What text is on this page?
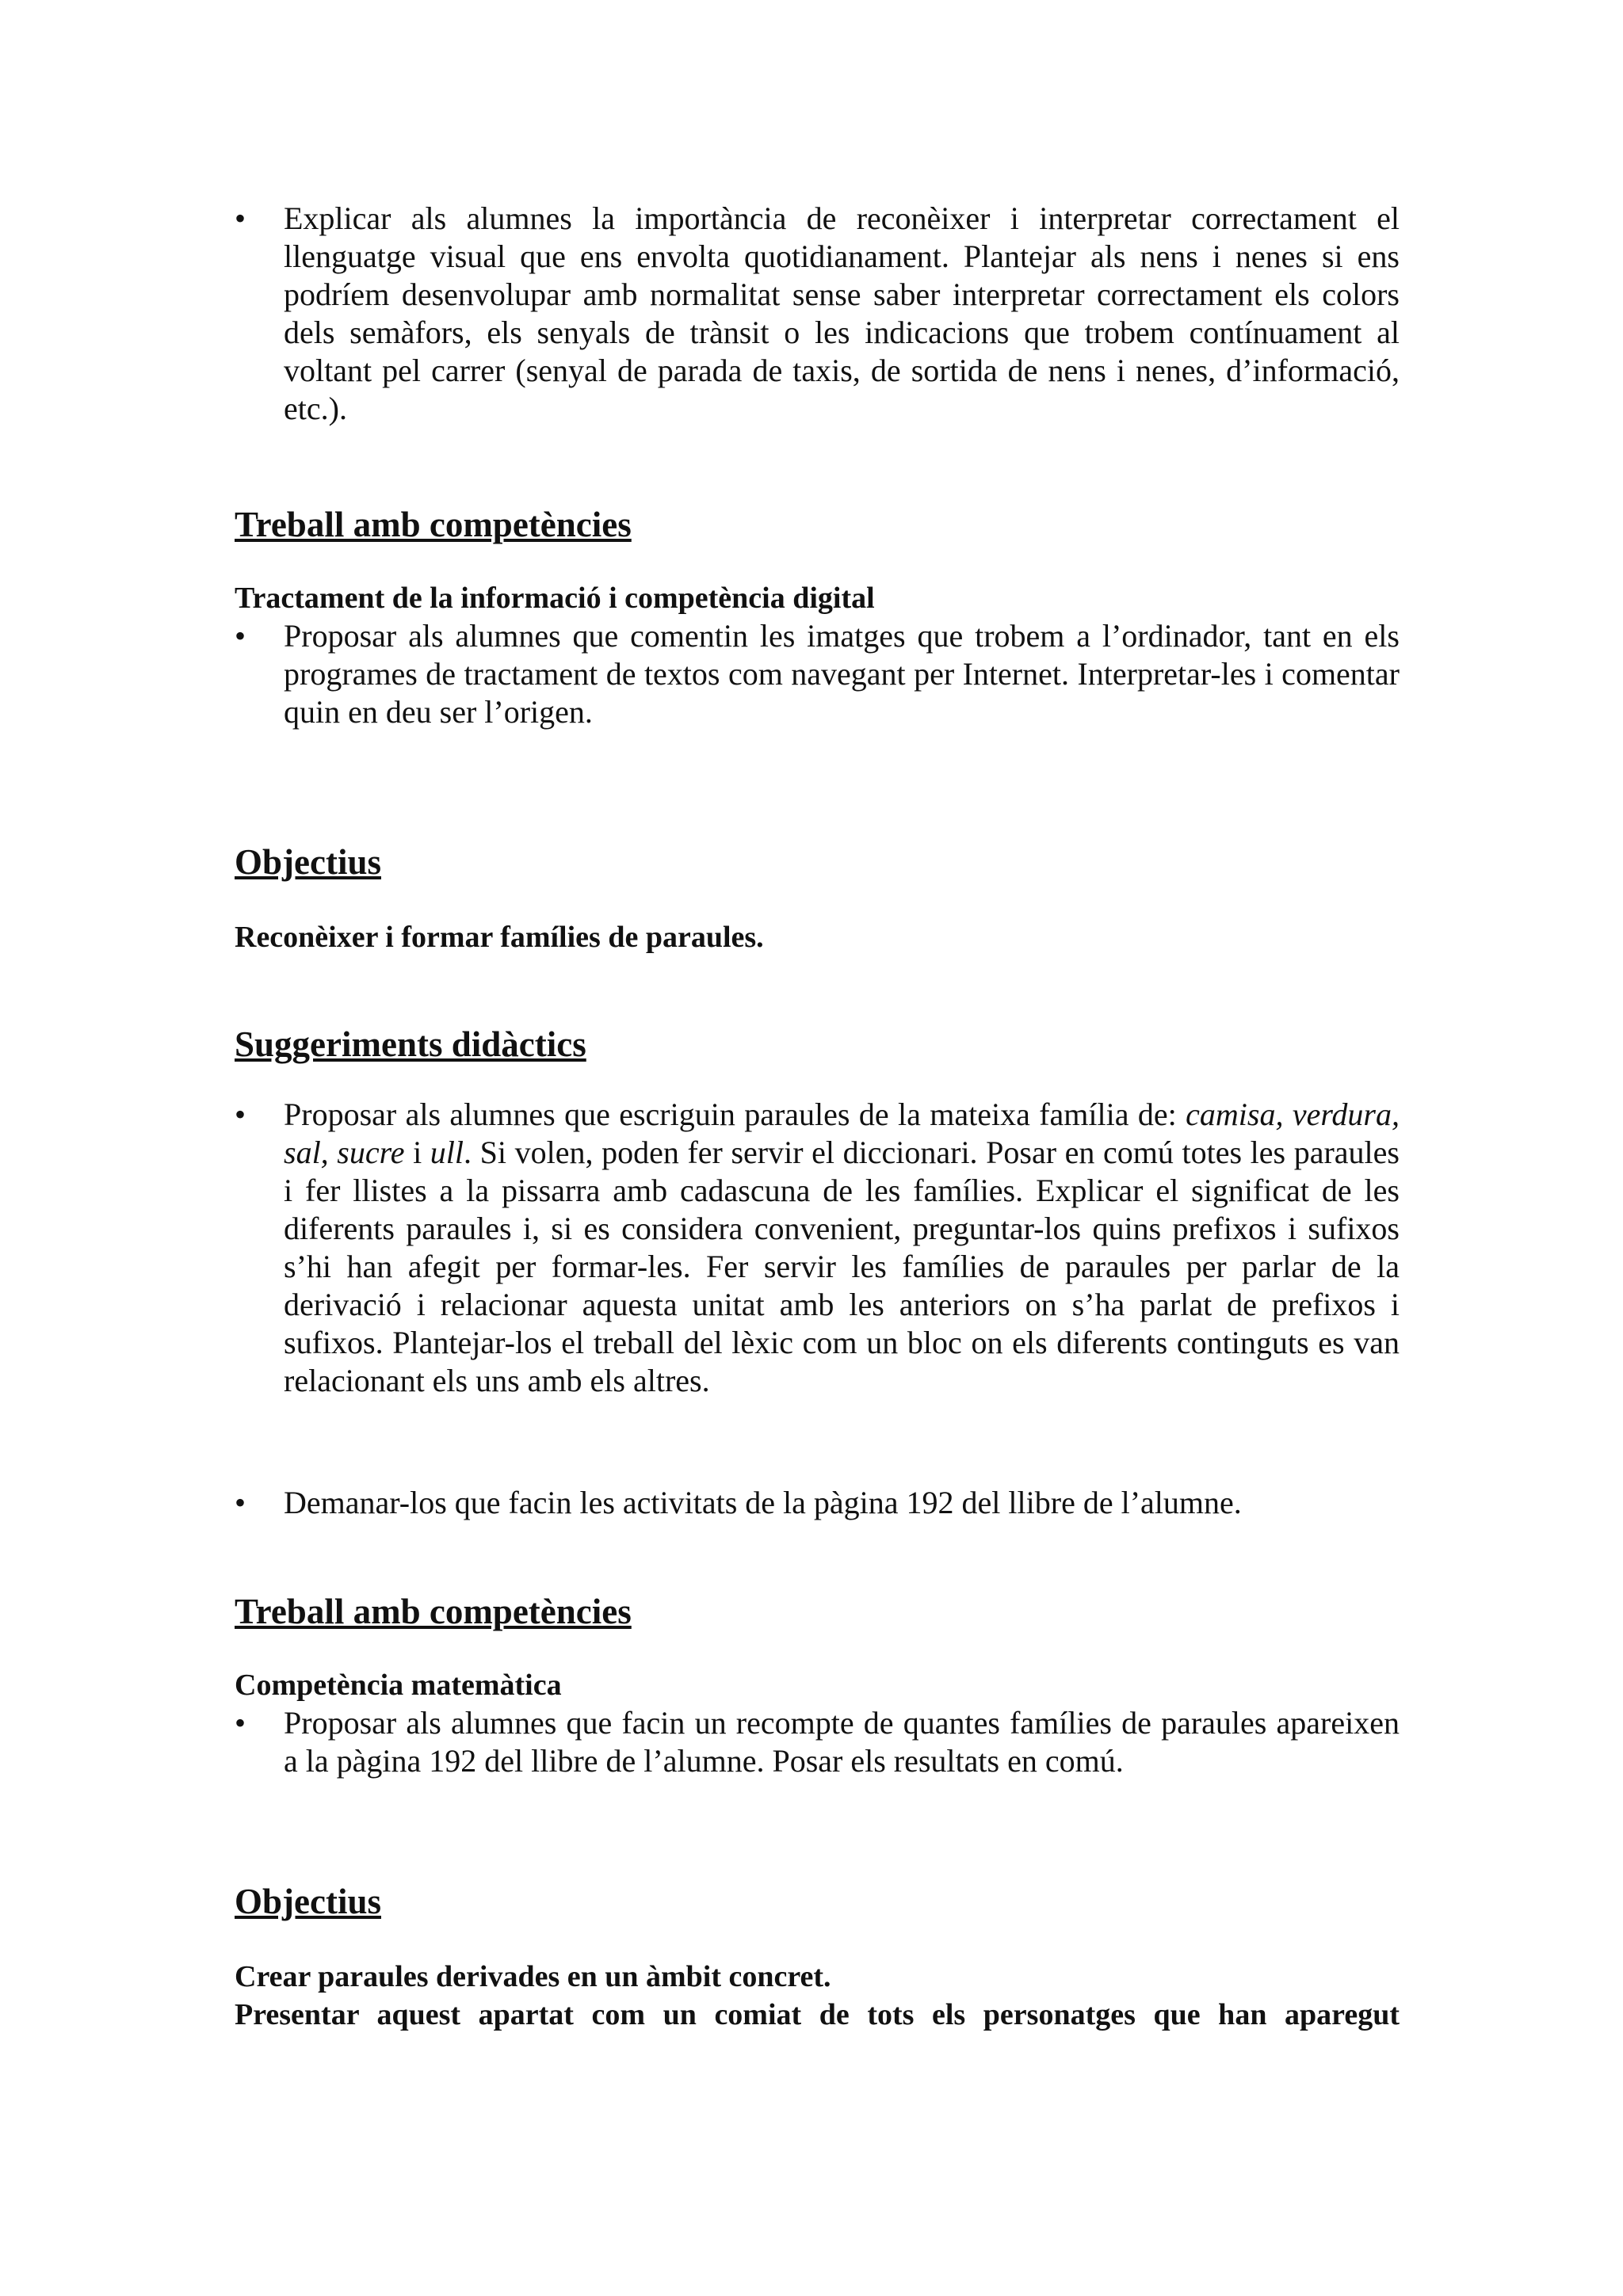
• Explicar als alumnes la importància de reconèixer i interpretar correctament el llenguatge visual que ens envolta quotidianament. Plantejar als nens i nenes si ens podríem desenvolupar amb normalitat sense saber interpretar correctament els colors dels semàfors, els senyals de trànsit o les indicacions que trobem contínuament al voltant pel carrer (senyal de parada de taxis, de sortida de nens i nenes, d’informació, etc.).

Treball amb competències
Tractament de la informació i competència digital
• Proposar als alumnes que comentin les imatges que trobem a l’ordinador, tant en els programes de tractament de textos com navegant per Internet. Interpretar-les i comentar quin en deu ser l’origen.

Objectius

Reconèixer i formar famílies de paraules.

Suggeriments didàctics
• Proposar als alumnes que escriguin paraules de la mateixa família de: camisa, verdura, sal, sucre i ull. Si volen, poden fer servir el diccionari. Posar en comú totes les paraules i fer llistes a la pissarra amb cadascuna de les famílies. Explicar el significat de les diferents paraules i, si es considera convenient, preguntar-los quins prefixos i sufixos s’hi han afegit per formar-les. Fer servir les famílies de paraules per parlar de la derivació i relacionar aquesta unitat amb les anteriors on s’ha parlat de prefixos i sufixos. Plantejar-los el treball del lèxic com un bloc on els diferents continguts es van relacionant els uns amb els altres.

• Demanar-los que facin les activitats de la pàgina 192 del llibre de l’alumne.

Treball amb competències
Competència matemàtica
• Proposar als alumnes que facin un recompte de quantes famílies de paraules apareixen a la pàgina 192 del llibre de l’alumne. Posar els resultats en comú.

Objectius

Crear paraules derivades en un àmbit concret.

Presentar aquest apartat com un comiat de tots els personatges que han aparegut
